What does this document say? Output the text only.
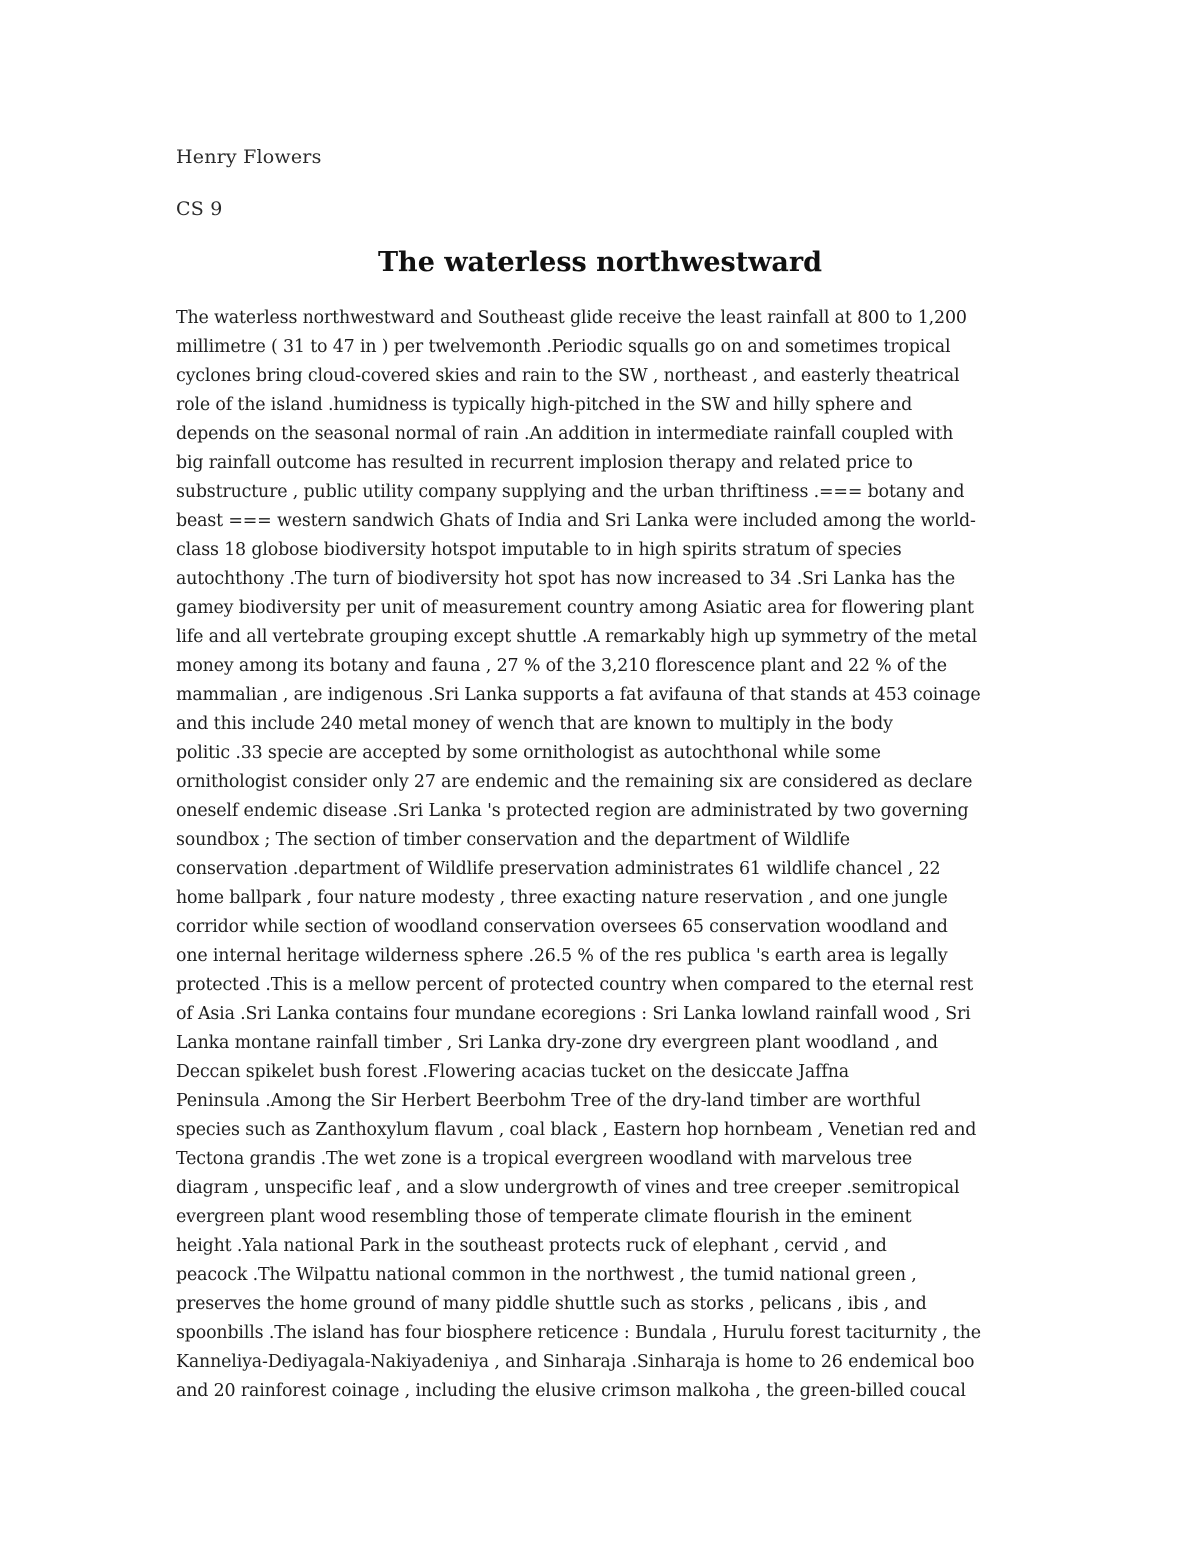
Henry Flowers
CS 9
The waterless northwestward
The waterless northwestward and Southeast glide receive the least rainfall at 800 to 1,200
millimetre ( 31 to 47 in ) per twelvemonth .Periodic squalls go on and sometimes tropical
cyclones bring cloud-covered skies and rain to the SW , northeast , and easterly theatrical
role of the island .humidness is typically high-pitched in the SW and hilly sphere and
depends on the seasonal normal of rain .An addition in intermediate rainfall coupled with
big rainfall outcome has resulted in recurrent implosion therapy and related price to
substructure , public utility company supplying and the urban thriftiness .=== botany and
beast === western sandwich Ghats of India and Sri Lanka were included among the world-
class 18 globose biodiversity hotspot imputable to in high spirits stratum of species
autochthony .The turn of biodiversity hot spot has now increased to 34 .Sri Lanka has the
gamey biodiversity per unit of measurement country among Asiatic area for flowering plant
life and all vertebrate grouping except shuttle .A remarkably high up symmetry of the metal
money among its botany and fauna , 27 % of the 3,210 florescence plant and 22 % of the
mammalian , are indigenous .Sri Lanka supports a fat avifauna of that stands at 453 coinage
and this include 240 metal money of wench that are known to multiply in the body
politic .33 specie are accepted by some ornithologist as autochthonal while some
ornithologist consider only 27 are endemic and the remaining six are considered as declare
oneself endemic disease .Sri Lanka 's protected region are administrated by two governing
soundbox ; The section of timber conservation and the department of Wildlife
conservation .department of Wildlife preservation administrates 61 wildlife chancel , 22
home ballpark , four nature modesty , three exacting nature reservation , and one jungle
corridor while section of woodland conservation oversees 65 conservation woodland and
one internal heritage wilderness sphere .26.5 % of the res publica 's earth area is legally
protected .This is a mellow percent of protected country when compared to the eternal rest
of Asia .Sri Lanka contains four mundane ecoregions : Sri Lanka lowland rainfall wood , Sri
Lanka montane rainfall timber , Sri Lanka dry-zone dry evergreen plant woodland , and
Deccan spikelet bush forest .Flowering acacias tucket on the desiccate Jaffna
Peninsula .Among the Sir Herbert Beerbohm Tree of the dry-land timber are worthful
species such as Zanthoxylum flavum , coal black , Eastern hop hornbeam , Venetian red and
Tectona grandis .The wet zone is a tropical evergreen woodland with marvelous tree
diagram , unspecific leaf , and a slow undergrowth of vines and tree creeper .semitropical
evergreen plant wood resembling those of temperate climate flourish in the eminent
height .Yala national Park in the southeast protects ruck of elephant , cervid , and
peacock .The Wilpattu national common in the northwest , the tumid national green ,
preserves the home ground of many piddle shuttle such as storks , pelicans , ibis , and
spoonbills .The island has four biosphere reticence : Bundala , Hurulu forest taciturnity , the
Kanneliya-Dediyagala-Nakiyadeniya , and Sinharaja .Sinharaja is home to 26 endemical boo
and 20 rainforest coinage , including the elusive crimson malkoha , the green-billed coucal
